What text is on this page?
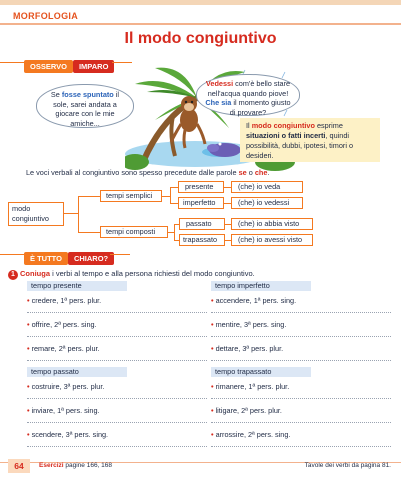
MORFOLOGIA
Il modo congiuntivo
OSSERVO IMPARO
Se fosse spuntato il sole, sarei andata a giocare con le mie amiche...
Vedessi com'è bello stare nell'acqua quando piove! Che sia il momento giusto di provare?
Il modo congiuntivo esprime situazioni o fatti incerti, quindi possibilità, dubbi, ipotesi, timori o desideri.
Le voci verbali al congiuntivo sono spesso precedute dalle parole se o che.
modo congiuntivo
tempi semplici
tempi composti
presente	(che) io veda
imperfetto	(che) io vedessi
passato	(che) io abbia visto
trapassato	(che) io avessi visto
È TUTTO CHIARO?
1 Coniuga i verbi al tempo e alla persona richiesti del modo congiuntivo.
tempo presente
• credere, 1ª pers. plur.
• offrire, 2ª pers. sing.
• remare, 2ª pers. plur.
tempo imperfetto
• accendere, 1ª pers. sing.
• mentire, 3ª pers. sing.
• dettare, 3ª pers. plur.
tempo passato
• costruire, 3ª pers. plur.
• inviare, 1ª pers. sing.
• scendere, 3ª pers. sing.
tempo trapassato
• rimanere, 1ª pers. plur.
• litigare, 2ª pers. plur.
• arrossire, 2ª pers. sing.
64	Esercizi pagine 166, 168	Tavole dei verbi da pagina 81.
